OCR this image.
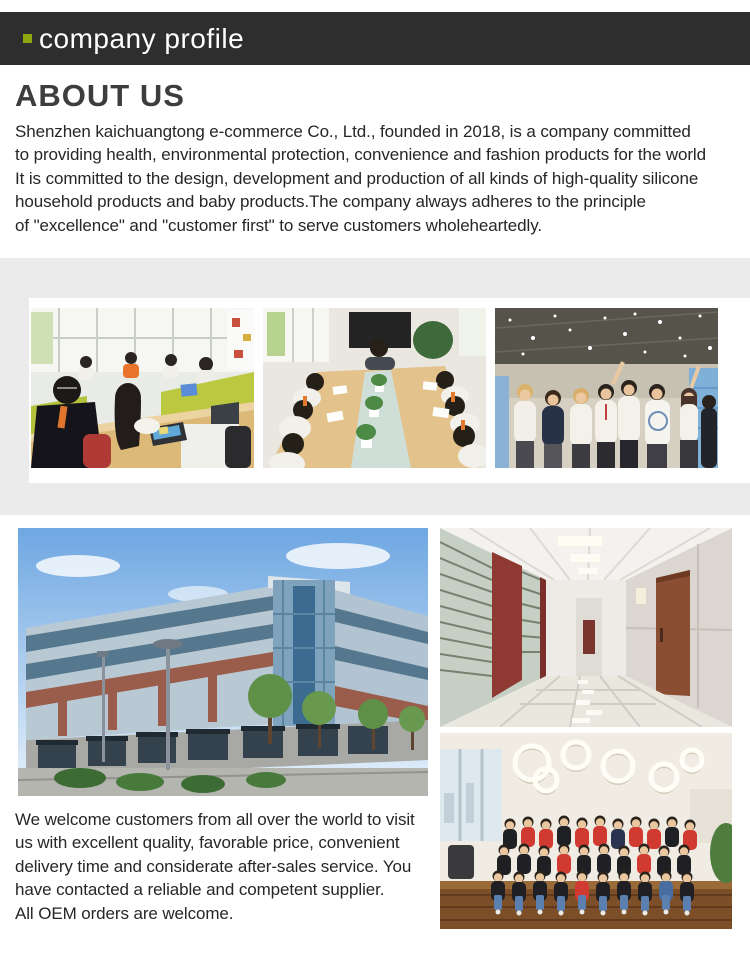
company profile
ABOUT US
Shenzhen kaichuangtong e-commerce Co., Ltd., founded in 2018, is a company committed
to providing health, environmental protection, convenience and fashion products for the world
It is committed to the design, development and production of all kinds of high-quality silicone
household products and baby products.The company always adheres to the principle
of "excellence" and "customer first" to serve customers wholeheartedly.
We welcome customers from all over the world to visit
us with excellent quality, favorable price, convenient
delivery time and considerate after-sales service. You
have contacted a reliable and competent supplier.
All OEM orders are welcome.
